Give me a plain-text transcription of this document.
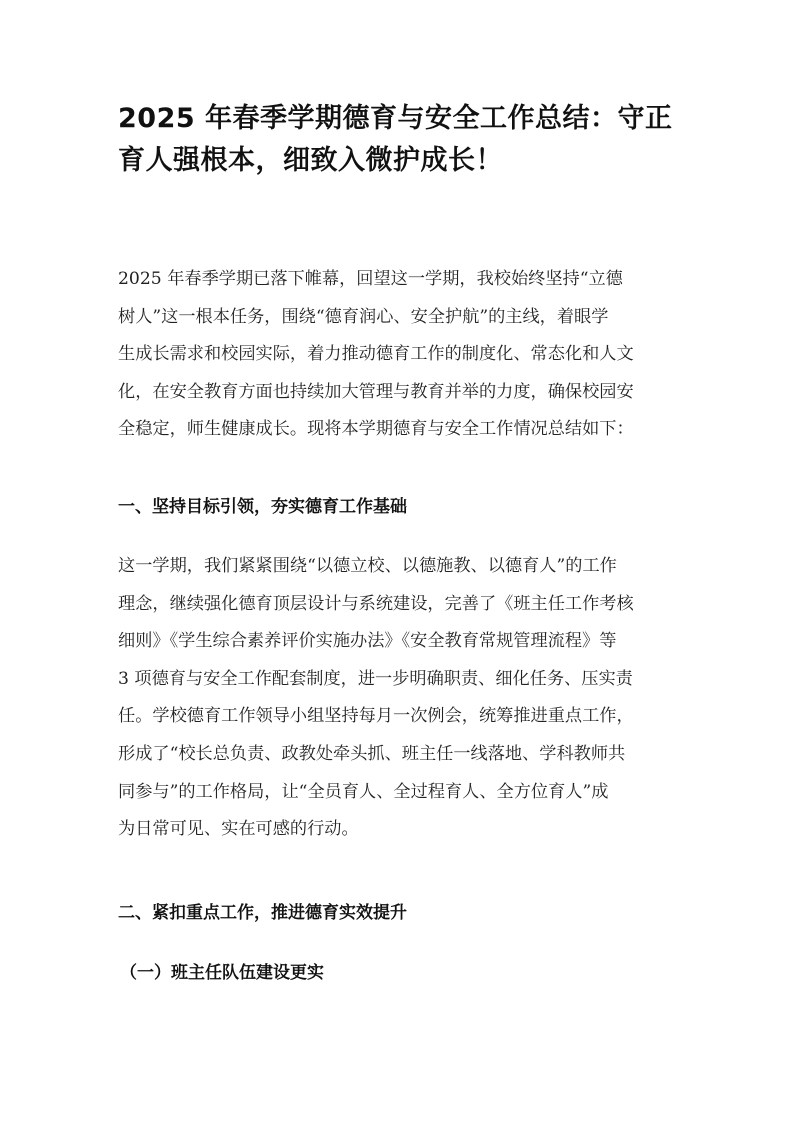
2025 年春季学期德育与安全工作总结：守正
育人强根本，细致入微护成长！

2025 年春季学期已落下帷幕，回望这一学期，我校始终坚持“立德
树人”这一根本任务，围绕“德育润心、安全护航”的主线，着眼学
生成长需求和校园实际，着力推动德育工作的制度化、常态化和人文
化，在安全教育方面也持续加大管理与教育并举的力度，确保校园安
全稳定，师生健康成长。现将本学期德育与安全工作情况总结如下：

一、坚持目标引领，夯实德育工作基础

这一学期，我们紧紧围绕“以德立校、以德施教、以德育人”的工作
理念，继续强化德育顶层设计与系统建设，完善了《班主任工作考核
细则》《学生综合素养评价实施办法》《安全教育常规管理流程》等
3 项德育与安全工作配套制度，进一步明确职责、细化任务、压实责
任。学校德育工作领导小组坚持每月一次例会，统筹推进重点工作，
形成了“校长总负责、政教处牵头抓、班主任一线落地、学科教师共
同参与”的工作格局，让“全员育人、全过程育人、全方位育人”成
为日常可见、实在可感的行动。

二、紧扣重点工作，推进德育实效提升
（一）班主任队伍建设更实
